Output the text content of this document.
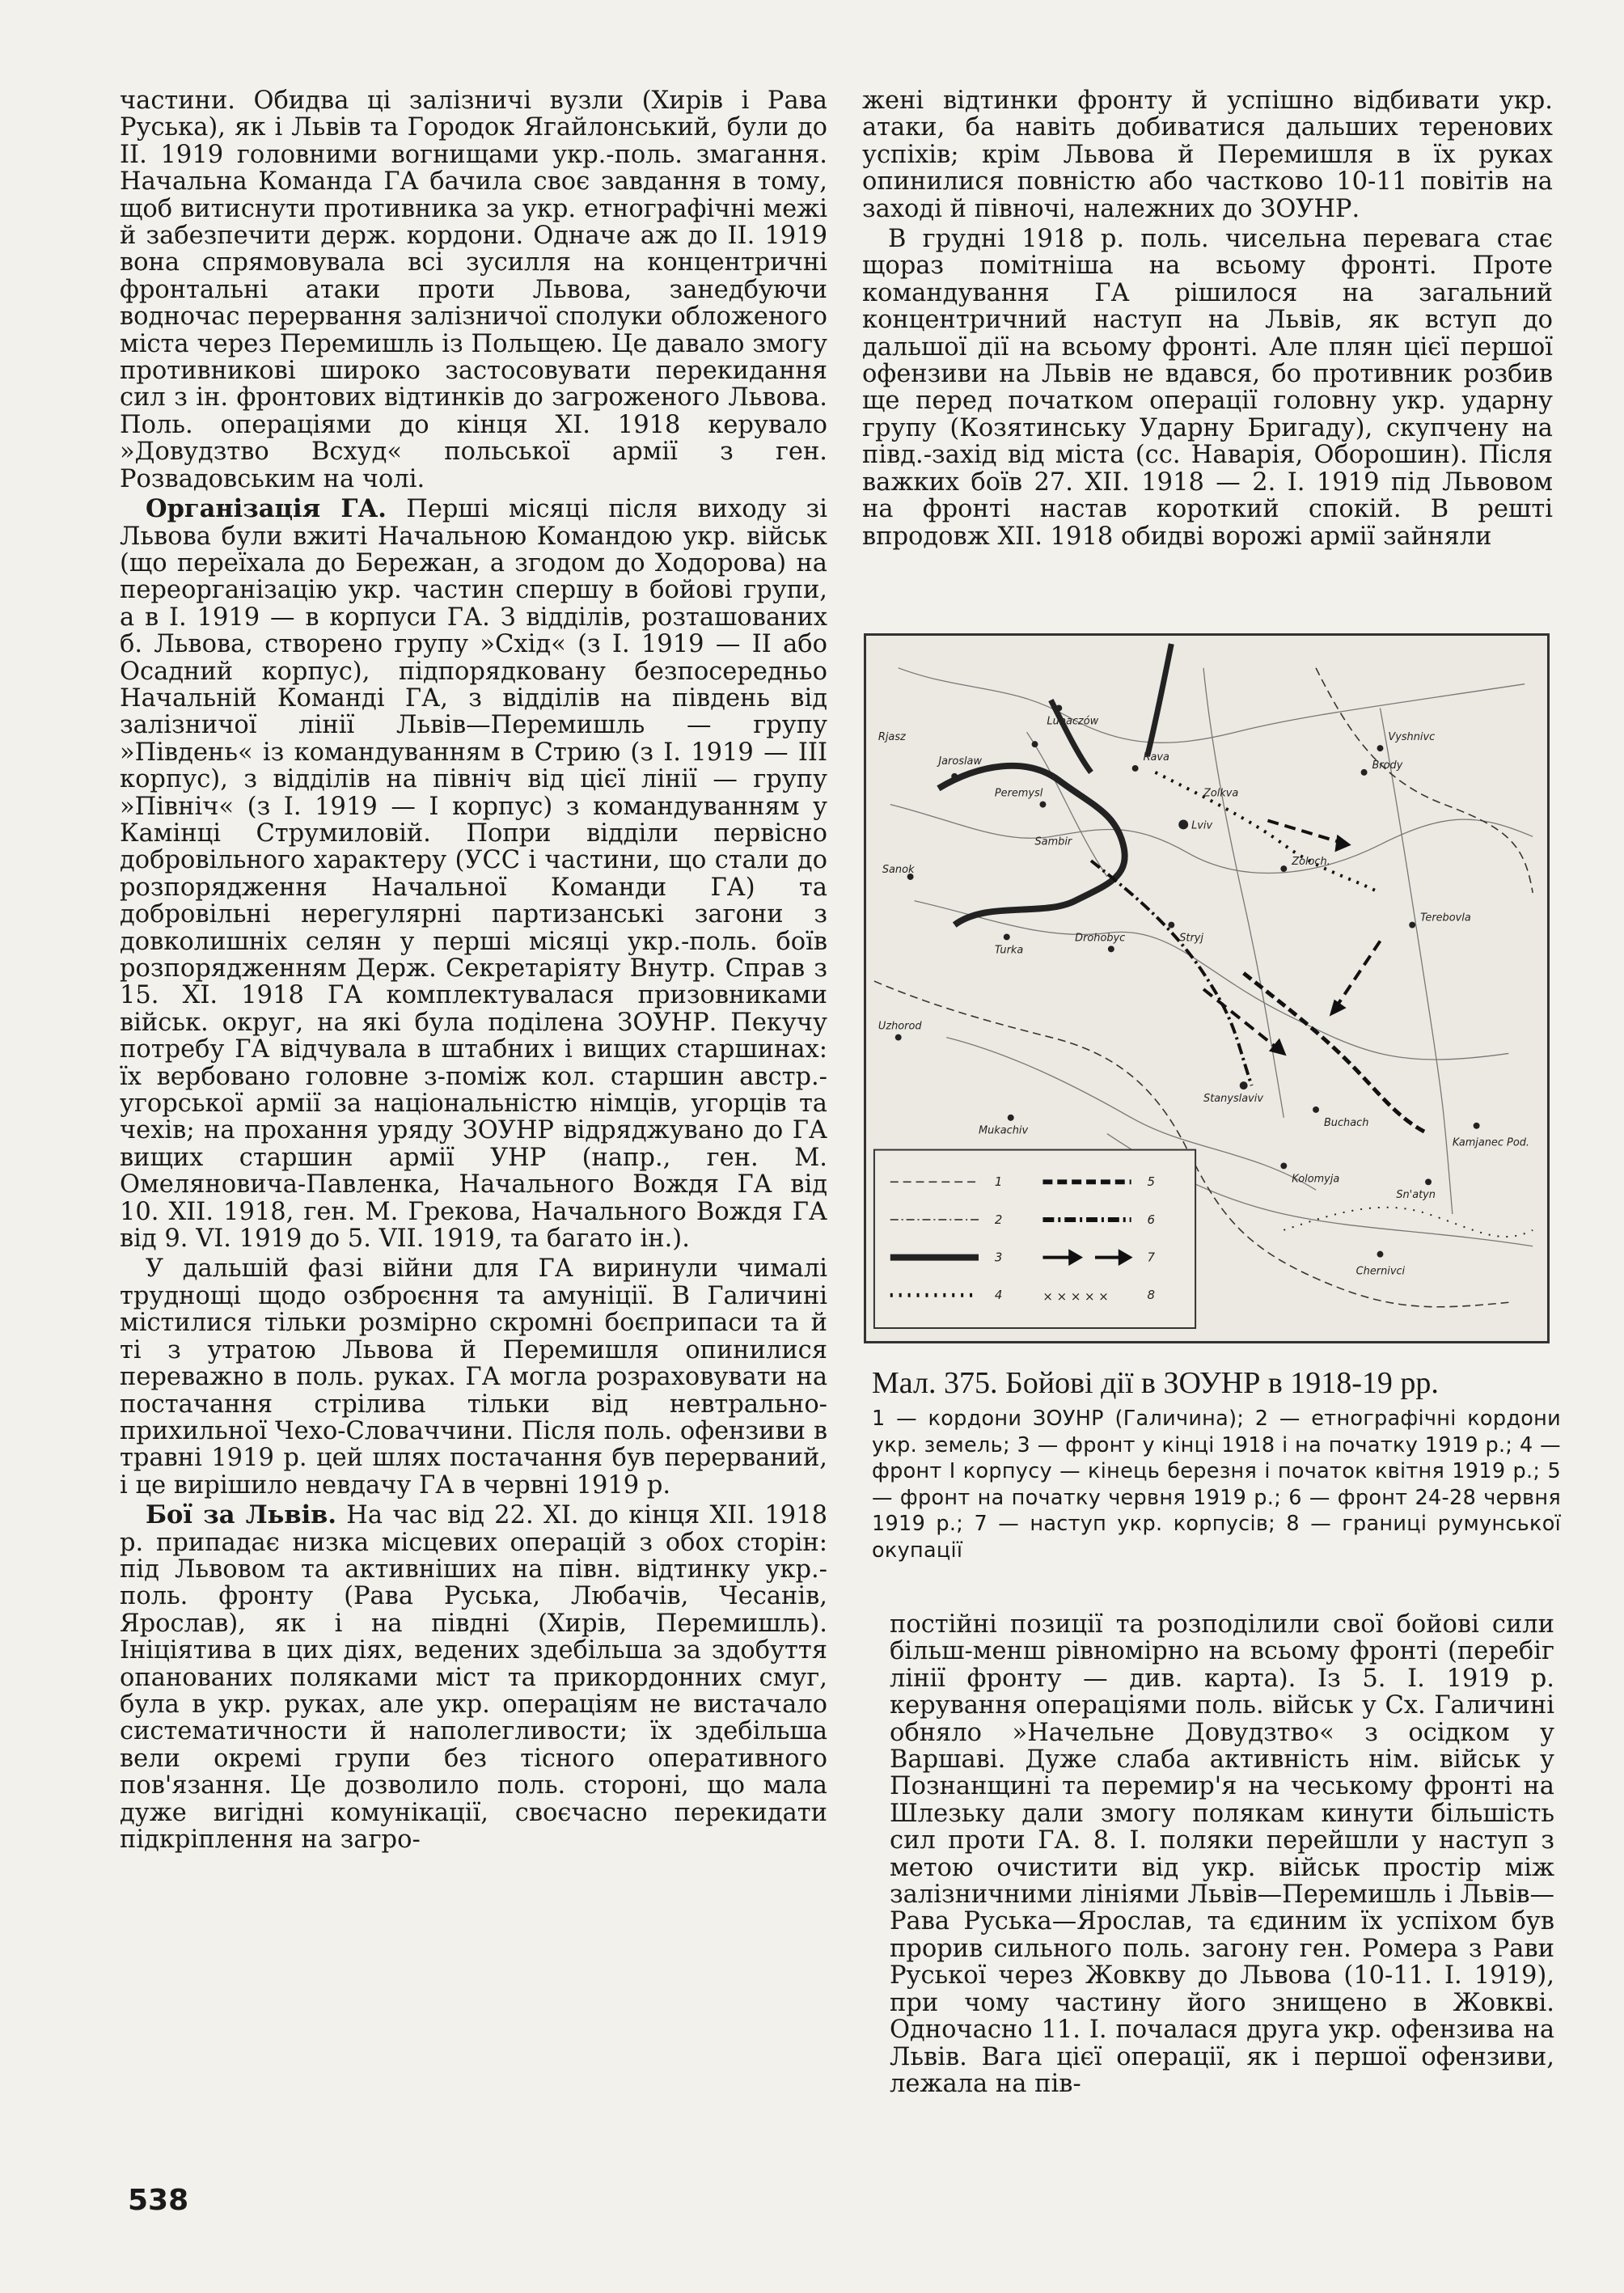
частини. Обидва ці залізничі вузли (Хирів і Рава Руська), як і Львів та Городок Ягайлонський, були до II. 1919 головними вогнищами укр.-поль. змагання. Начальна Команда ГА бачила своє завдання в тому, щоб витиснути противника за укр. етнографічні межі й забезпечити держ. кордони. Одначе аж до II. 1919 вона спрямовувала всі зусилля на концентричні фронтальні атаки проти Львова, занедбуючи водночас перервання залізничої сполуки обложеного міста через Перемишль із Польщею. Це давало змогу противникові широко застосовувати перекидання сил з ін. фронтових відтинків до загроженого Львова. Поль. операціями до кінця XI. 1918 керувало »Довудзтво Всхуд« польської армії з ген. Розвадовським на чолі.

Організація ГА. Перші місяці після виходу зі Львова були вжиті Начальною Командою укр. військ (що переїхала до Бережан, а згодом до Ходорова) на переорганізацію укр. частин спершу в бойові групи, а в I. 1919 — в корпуси ГА. З відділів, розташованих б. Львова, створено групу »Схід« (з I. 1919 — II або Осадний корпус), підпорядковану безпосередньо Начальній Команді ГА, з відділів на південь від залізничої лінії Львів—Перемишль — групу »Південь« із командуванням в Стрию (з I. 1919 — III корпус), з відділів на північ від цієї лінії — групу »Північ« (з I. 1919 — I корпус) з командуванням у Камінці Струмиловій. Попри відділи первісно добровільного характеру (УСС і частини, що стали до розпорядження Начальної Команди ГА) та добровільні нерегулярні партизанські загони з довколишніх селян у перші місяці укр.-поль. боїв розпорядженням Держ. Секретаріяту Внутр. Справ з 15. XI. 1918 ГА комплектувалася призовниками військ. округ, на які була поділена ЗОУНР. Пекучу потребу ГА відчувала в штабних і вищих старшинах: їх вербовано головне з-поміж кол. старшин австр.-угорської армії за національністю німців, угорців та чехів; на прохання уряду ЗОУНР відряджувано до ГА вищих старшин армії УНР (напр., ген. М. Омеляновича-Павленка, Начального Вождя ГА від 10. XII. 1918, ген. М. Грекова, Начального Вождя ГА від 9. VI. 1919 до 5. VII. 1919, та багато ін.).

У дальшій фазі війни для ГА виринули чималі труднощі щодо озброєння та амуніції. В Галичині містилися тільки розмірно скромні боєприпаси та й ті з утратою Львова й Перемишля опинилися переважно в поль. руках. ГА могла розраховувати на постачання стрілива тільки від невтрально-прихильної Чехо-Словаччини. Після поль. офензиви в травні 1919 р. цей шлях постачання був перерваний, і це вирішило невдачу ГА в червні 1919 р.

Бої за Львів. На час від 22. XI. до кінця XII. 1918 р. припадає низка місцевих операцій з обох сторін: під Львовом та активніших на півн. відтинку укр.-поль. фронту (Рава Руська, Любачів, Чесанів, Ярослав), як і на півдні (Хирів, Перемишль). Ініціятива в цих діях, ведених здебільша за здобуття опанованих поляками міст та прикордонних смуг, була в укр. руках, але укр. операціям не вистачало систематичности й наполегливости; їх здебільша вели окремі групи без тісного оперативного пов'язання. Це дозволило поль. стороні, що мала дуже вигідні комунікації, своєчасно перекидати підкріплення на загро-

жені відтинки фронту й успішно відбивати укр. атаки, ба навіть добиватися дальших теренових успіхів; крім Львова й Перемишля в їх руках опинилися повністю або частково 10-11 повітів на заході й півночі, належних до ЗОУНР.

В грудні 1918 р. поль. чисельна перевага стає щораз помітніша на всьому фронті. Проте командування ГА рішилося на загальний концентричний наступ на Львів, як вступ до дальшої дії на всьому фронті. Але плян цієї першої офензиви на Львів не вдався, бо противник розбив ще перед початком операції головну укр. ударну групу (Козятинську Ударну Бригаду), скупчену на півд.-захід від міста (сс. Наварія, Оборошин). Після важких боїв 27. XII. 1918 — 2. I. 1919 під Львовом на фронті настав короткий спокій. В решті впродовж XII. 1918 обидві ворожі армії зайняли

Rjasz
Jaroslaw
Lubaczów
Rava
Zolkva
Peremysl
Sambir
Lviv
Brody
Zoloch.
Stryj
Drohobyc
Turka
Sanok
Uzhorod
Stanyslaviv
Kolomyja
Chernivci
Terebovla
Buchach
Kamjanec Pod.
Mukachiv
Sn'atyn
Vyshnivc
1
2
3
4
5
6
7
× × × × ×	8

Мал. 375. Бойові дії в ЗОУНР в 1918-19 рр.

1 — кордони ЗОУНР (Галичина); 2 — етнографічні кордони укр. земель; 3 — фронт у кінці 1918 і на початку 1919 р.; 4 — фронт I корпусу — кінець березня і початок квітня 1919 р.; 5 — фронт на початку червня 1919 р.; 6 — фронт 24-28 червня 1919 р.; 7 — наступ укр. корпусів; 8 — границі румунської окупації

постійні позиції та розподілили свої бойові сили більш-менш рівномірно на всьому фронті (перебіг лінії фронту — див. карта). Із 5. I. 1919 р. керування операціями поль. військ у Сх. Галичині обняло »Начельне Довудзтво« з осідком у Варшаві. Дуже слаба активність нім. військ у Познанщині та перемир'я на чеському фронті на Шлезьку дали змогу полякам кинути більшість сил проти ГА. 8. I. поляки перейшли у наступ з метою очистити від укр. військ простір між залізничними лініями Львів—Перемишль і Львів—Рава Руська—Ярослав, та єдиним їх успіхом був прорив сильного поль. загону ген. Ромера з Рави Руської через Жовкву до Львова (10-11. I. 1919), при чому частину його знищено в Жовкві. Одночасно 11. I. почалася друга укр. офензива на Львів. Вага цієї операції, як і першої офензиви, лежала на пів-

538
